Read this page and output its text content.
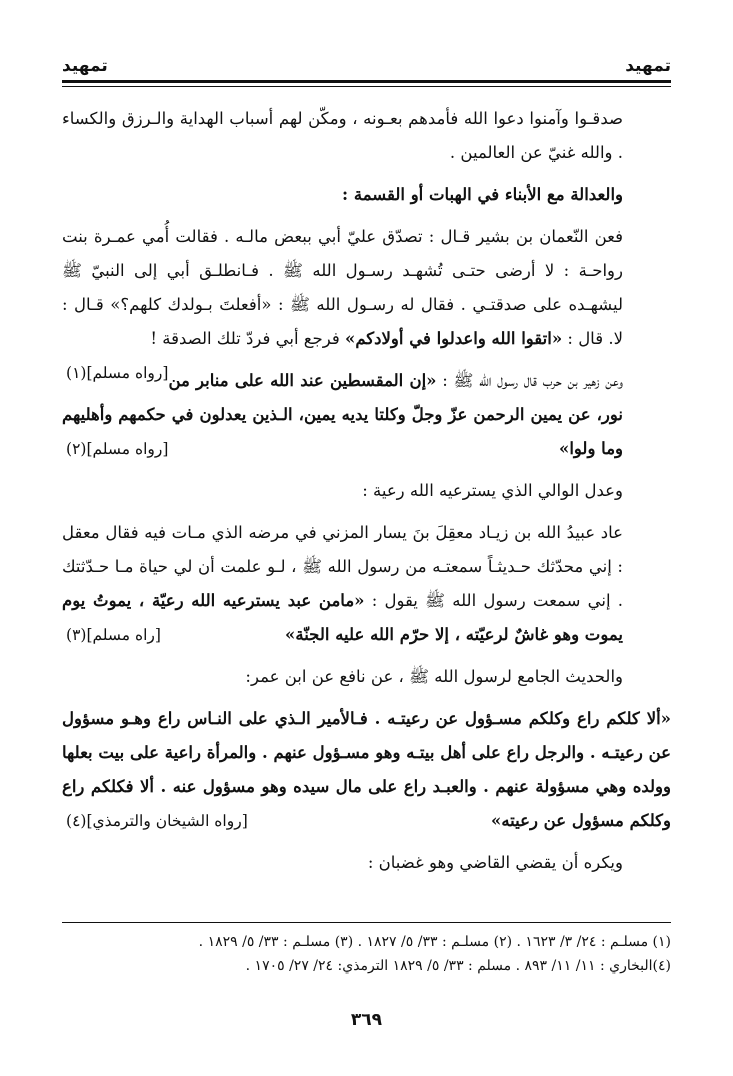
تمهيد
تمهيد

صدقـوا وآمنوا دعوا الله فأمدهم بعـونه ، ومكّن لهم أسباب الهداية والـرزق والكساء . والله غنيّ عن العالمين .

والعدالة مع الأبناء في الهبات أو القسمة :

فعن النّعمان بن بشير قـال : تصدّق عليّ أبي ببعض مالـه . فقالت أُمي عمـرة بنت رواحـة : لا أرضى حتـى تُشهـد رسـول الله ﷺ . فـانطلـق أبي إلى النبيّ ﷺ ليشهـده على صدقتـي . فقال له رسـول الله ﷺ : «أفعلتَ بـولدك كلهم؟» قـال : لا. قال : «اتقوا الله واعدلوا في أولادكم» فرجع أبي فردّ تلك الصدقة !
[رواه مسلم](١)	وعن زهير بن حرب قال رسول الله ﷺ : «إن المقسطين عند الله على منابر من نور، عن يمين الرحمن عزّ وجلّ وكلتا يديه يمين، الـذين يعدلون في حكمهم وأهليهم وما ولوا»
[رواه مسلم](٢)

وعدل الوالي الذي يسترعيه الله رعية :

عاد عبيدُ الله بن زيـاد معقِلَ بنَ يسار المزني في مرضه الذي مـات فيه فقال معقل : إني محدّثك حـديثـاً سمعتـه من رسول الله ﷺ ، لـو علمت أن لي حياة مـا حـدّثتك . إني سمعت رسول الله ﷺ يقول : «مامن عبد يسترعيه الله رعيّة ، يموتُ يوم يموت وهو غاشٌ لرعيّته ، إلا حرّم الله عليه الجنّة»
[راه مسلم](٣)

والحديث الجامع لرسول الله ﷺ ، عن نافع عن ابن عمر:

«ألا كلكم راع وكلكم مسـؤول عن رعيتـه . فـالأمير الـذي على النـاس راع وهـو مسؤول عن رعيتـه . والرجل راع على أهل بيتـه وهو مسـؤول عنهم . والمرأة راعية على بيت بعلها وولده وهي مسؤولة عنهم . والعبـد راع على مال سيده وهو مسؤول عنه . ألا فكلكم راع وكلكم مسؤول عن رعيته»
[رواه الشيخان والترمذي](٤)

ويكره أن يقضي القاضي وهو غضبان :

(١) مسلـم : ٢٤/ ٣/ ١٦٢٣ . (٢) مسلـم : ٣٣/ ٥/ ١٨٢٧ . (٣) مسلـم : ٣٣/ ٥/ ١٨٢٩ .
(٤)البخاري : ١١/ ١١/ ٨٩٣ . مسلم : ٣٣/ ٥/ ١٨٢٩ الترمذي: ٢٤/ ٢٧/ ١٧٠٥ .
٣٦٩
